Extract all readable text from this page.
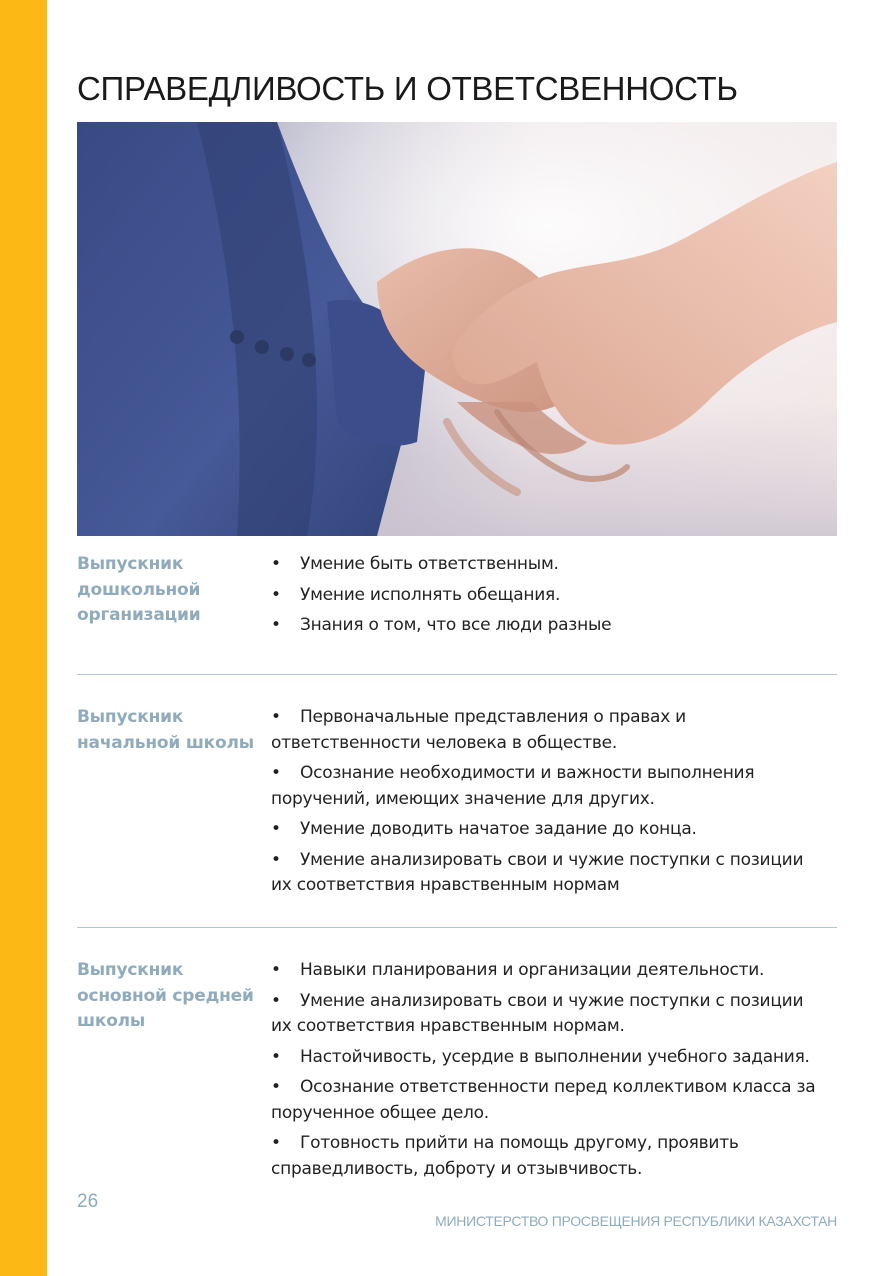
СПРАВЕДЛИВОСТЬ И ОТВЕТСВЕННОСТЬ
Выпускник
дошкольной
организации
• Умение быть ответственным.
• Умение исполнять обещания.
• Знания о том, что все люди разные
Выпускник
начальной школы
• Первоначальные представления о правах и
ответственности человека в обществе.
• Осознание необходимости и важности выполнения
поручений, имеющих значение для других.
• Умение доводить начатое задание до конца.
• Умение анализировать свои и чужие поступки с позиции
их соответствия нравственным нормам
Выпускник
основной средней
школы
• Навыки планирования и организации деятельности.
• Умение анализировать свои и чужие поступки с позиции
их соответствия нравственным нормам.
• Настойчивость, усердие в выполнении учебного задания.
• Осознание ответственности перед коллективом класса за
порученное общее дело.
• Готовность прийти на помощь другому, проявить
справедливость, доброту и отзывчивость.
26
МИНИСТЕРСТВО ПРОСВЕЩЕНИЯ РЕСПУБЛИКИ КАЗАХСТАН
